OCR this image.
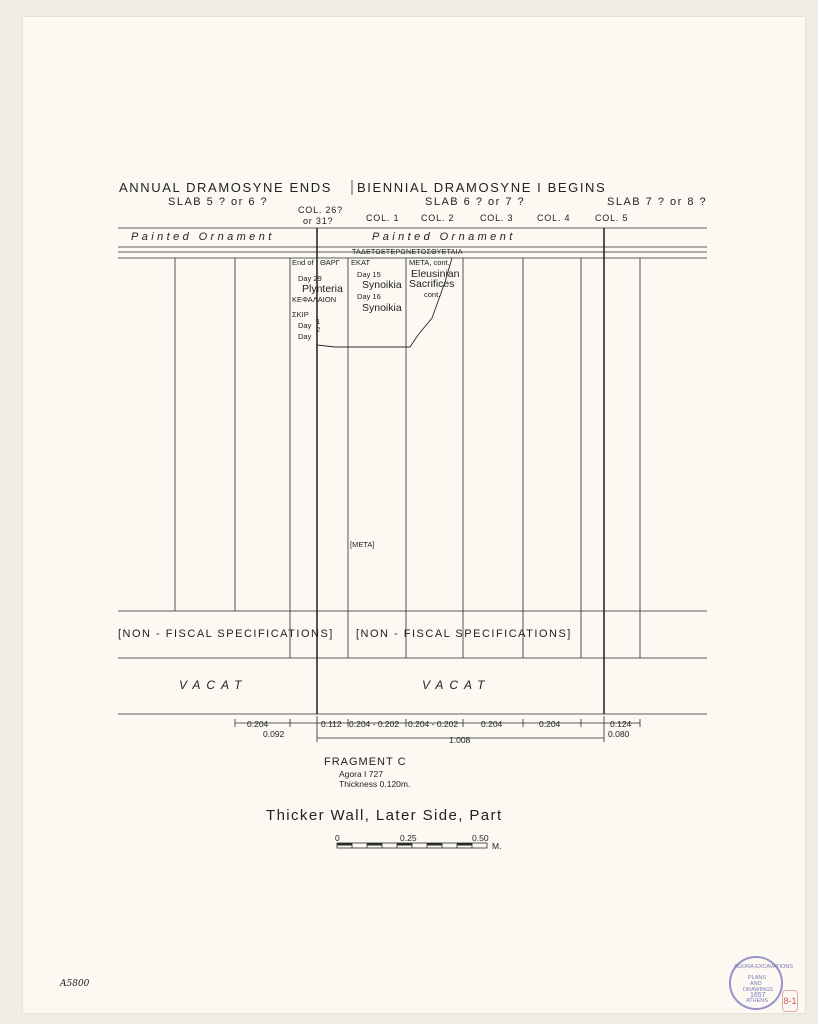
ANNUAL DRAMOSYNE ENDS BIENNIAL DRAMOSYNE I BEGINS
SLAB 5 ? or 6 ?	SLAB 6 ? or 7 ?	SLAB 7 ? or 8 ?
COL. 26?
or 31?	COL. 1 COL. 2	COL. 3	COL. 4	COL. 5
Painted Ornament	Painted Ornament
ΤΑΔΕΤΩΕΤΕΡΩΝΕΤΟΣΘΥΕΤΑΙΑ
End of ΘΑΡΓ
Day 29
Plynteria
ΚΕΦΑΛΑΙΟΝ
ΣΚΙΡ
Day 1
2
Day
ΕΚΑΤ
Day 15
Synoikia
Day 16
Synoikia
ΜΕΤΑ, cont.
Eleusinian
Sacrifices
cont.
[ΜΕΤΑ]
[NON - FISCAL SPECIFICATIONS] [NON - FISCAL SPECIFICATIONS]
VACAT	VACAT
0.204
0.092
0.112 0.204 - 0.202 0.204 - 0.202	0.204	0.204	0.124
0.080
1.008
FRAGMENT C
Agora I 727
Thickness 0.120m.
Thicker Wall, Later Side, Part
0	0.25	0.50
M.
A5800
AGORA EXCAVATIONS
PLANS
AND
DRAWINGS
ATHENS
1657
8-1
